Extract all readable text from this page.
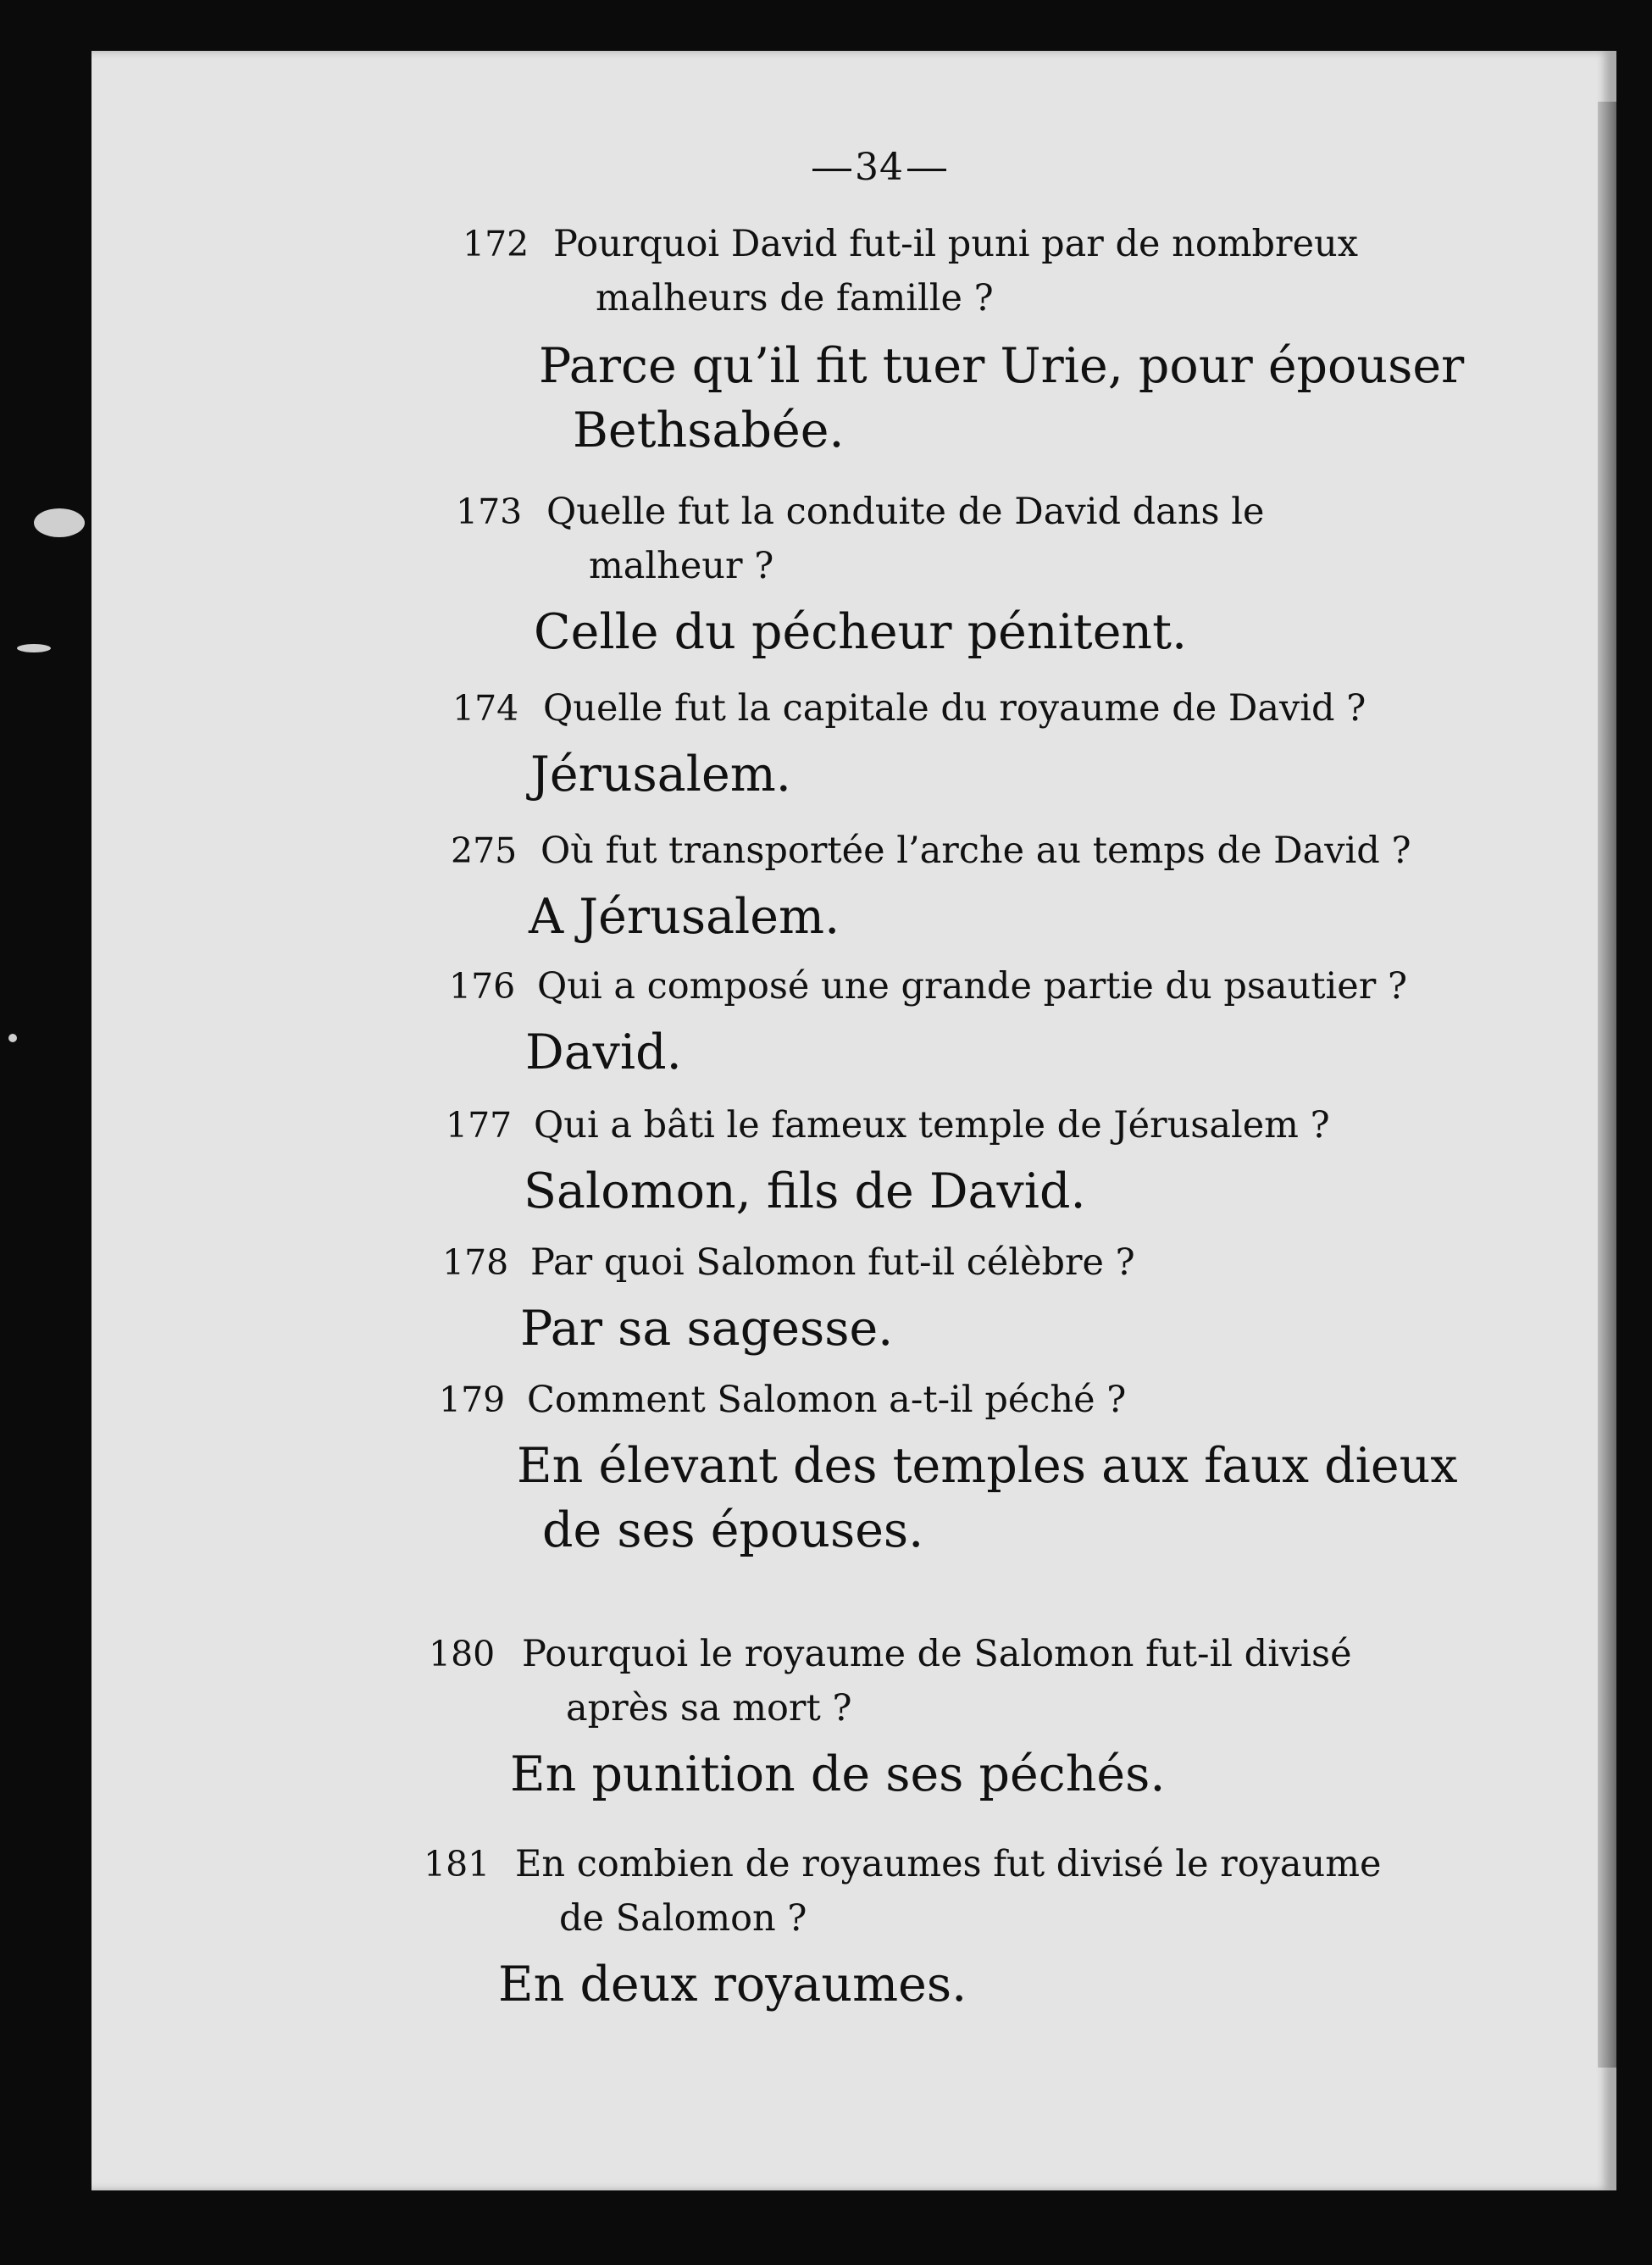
34
172 Pourquoi David fut-il puni par de nombreux
malheurs de famille ?
Parce qu’il fit tuer Urie, pour épouser
Bethsabée.
173 Quelle fut la conduite de David dans le
malheur ?
Celle du pécheur pénitent.
174 Quelle fut la capitale du royaume de David ?
Jérusalem.
275 Où fut transportée l’arche au temps de David ?
A Jérusalem.
176 Qui a composé une grande partie du psautier ?
David.
177 Qui a bâti le fameux temple de Jérusalem ?
Salomon, fils de David.
178 Par quoi Salomon fut-il célèbre ?
Par sa sagesse.
179 Comment Salomon a-t-il péché ?
En élevant des temples aux faux dieux
de ses épouses.
180 Pourquoi le royaume de Salomon fut-il divisé
après sa mort ?
En punition de ses péchés.
181 En combien de royaumes fut divisé le royaume
de Salomon ?
En deux royaumes.
